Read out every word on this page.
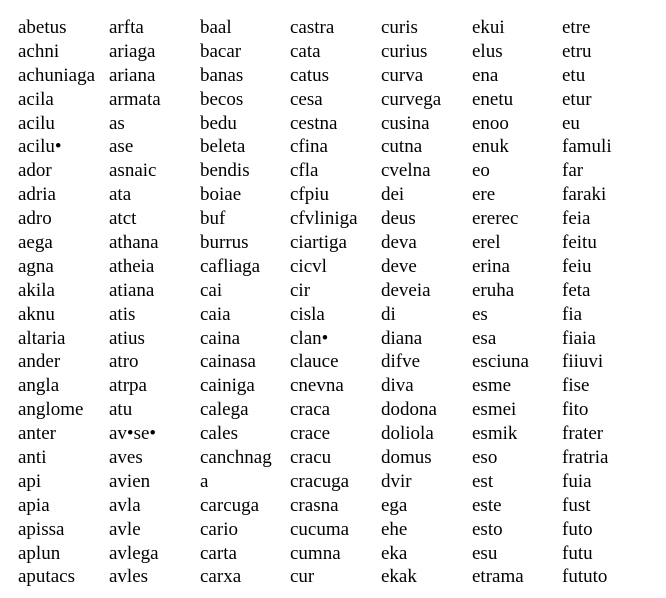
abetus
achni
achuniaga
acila
acilu
acilu•
ador
adria
adro
aega
agna
akila
aknu
altaria
ander
angla
anglome
anter
anti
api
apia
apissa
aplun
aputacs
arfta
ariaga
ariana
armata
as
ase
asnaic
ata
atct
athana
atheia
atiana
atis
atius
atro
atrpa
atu
av•se•
aves
avien
avla
avle
avlega
avles
baal
bacar
banas
becos
bedu
beleta
bendis
boiae
buf
burrus
cafliaga
cai
caia
caina
cainasa
cainiga
calega
cales
canchnag
a
carcuga
cario
carta
carxa
castra
cata
catus
cesa
cestna
cfina
cfla
cfpiu
cfvliniga
ciartiga
cicvl
cir
cisla
clan•
clauce
cnevna
craca
crace
cracu
cracuga
crasna
cucuma
cumna
cur
curis
curius
curva
curvega
cusina
cutna
cvelna
dei
deus
deva
deve
deveia
di
diana
difve
diva
dodona
doliola
domus
dvir
ega
ehe
eka
ekak
ekui
elus
ena
enetu
enoo
enuk
eo
ere
ererec
erel
erina
eruha
es
esa
esciuna
esme
esmei
esmik
eso
est
este
esto
esu
etrama
etre
etru
etu
etur
eu
famuli
far
faraki
feia
feitu
feiu
feta
fia
fiaia
fiiuvi
fise
fito
frater
fratria
fuia
fust
futo
futu
fututo
